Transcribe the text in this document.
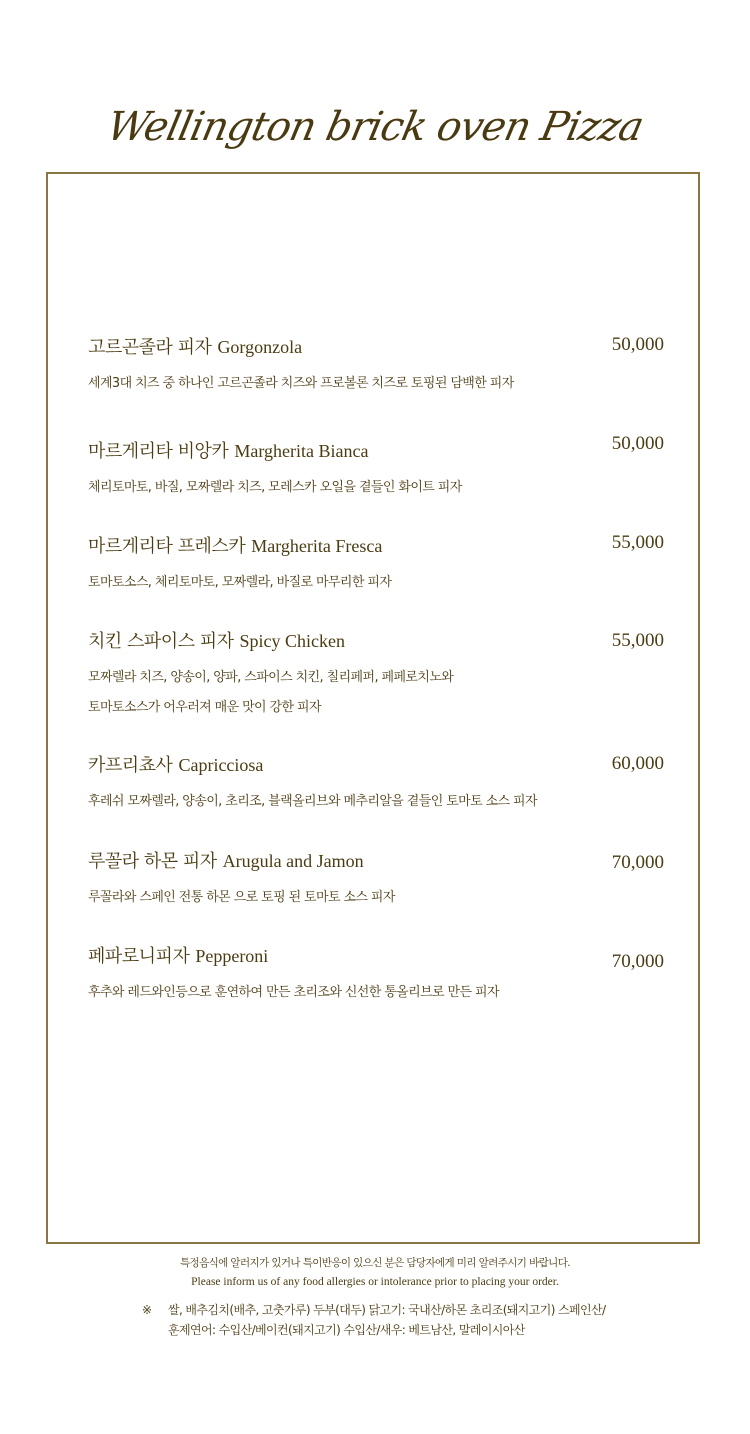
Wellington brick oven Pizza
고르곤졸라 피자 Gorgonzola
세계3대 치즈 중 하나인 고르곤졸라 치즈와 프로볼론 치즈로 토핑된 담백한 피자
50,000
마르게리타 비앙카 Margherita Bianca
체리토마토, 바질, 모짜렐라 치즈, 모레스카 오일을 곁들인 화이트 피자
50,000
마르게리타 프레스카 Margherita Fresca
토마토소스, 체리토마토, 모짜렐라, 바질로 마무리한 피자
55,000
치킨 스파이스 피자 Spicy Chicken
모짜렐라 치즈, 양송이, 양파, 스파이스 치킨, 칠리페퍼, 페페로치노와
토마토소스가 어우러져 매운 맛이 강한 피자
55,000
카프리쵸사 Capricciosa
후레쉬 모짜렐라, 양송이, 초리조, 블랙올리브와 메추리알을 곁들인 토마토 소스 피자
60,000
루꼴라 하몬 피자 Arugula and Jamon
루꼴라와 스페인 전통 하몬 으로 토핑 된 토마토 소스 피자
70,000
페파로니피자 Pepperoni
후추와 레드와인등으로 훈연하여 만든 초리조와 신선한 통올리브로 만든 피자
70,000
특정음식에 알러지가 있거나 특이반응이 있으신 분은 담당자에게 미리 알려주시기 바랍니다.
Please inform us of any food allergies or intolerance prior to placing your order.
※ 쌀, 배추김치(배추, 고춧가루) 두부(대두) 닭고기: 국내산/하몬 초리조(돼지고기) 스페인산/
훈제연어: 수입산/베이컨(돼지고기) 수입산/새우: 베트남산, 말레이시아산
